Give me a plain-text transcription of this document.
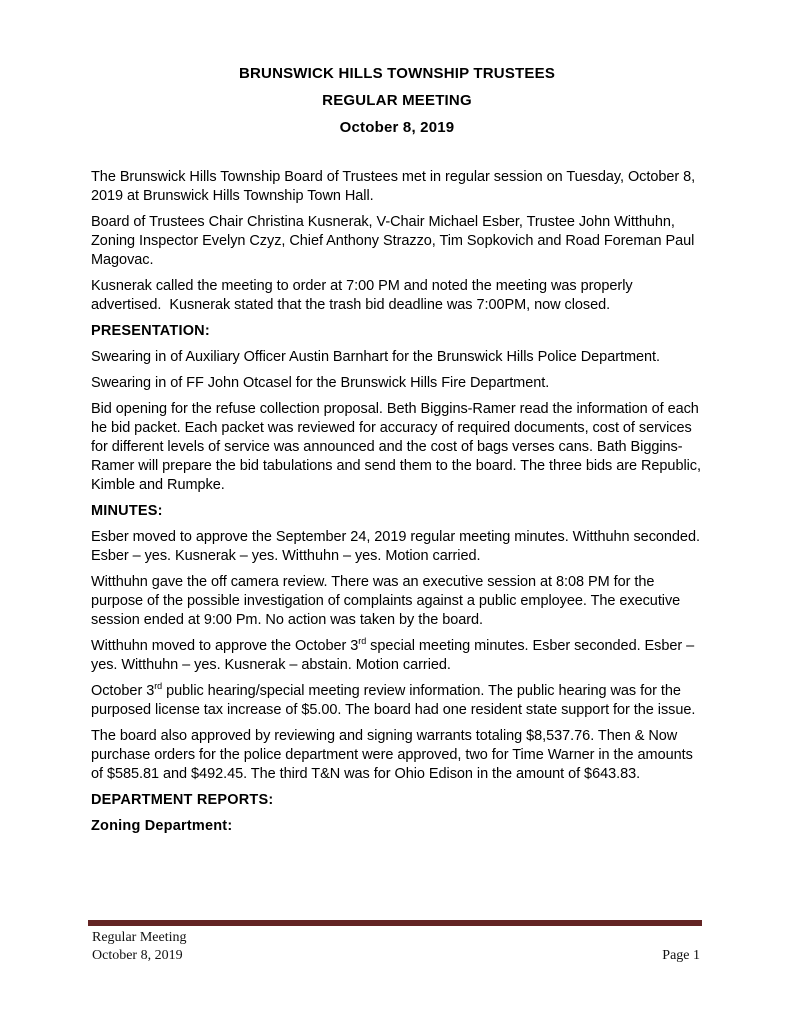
BRUNSWICK HILLS TOWNSHIP TRUSTEES
REGULAR MEETING
October 8, 2019

The Brunswick Hills Township Board of Trustees met in regular session on Tuesday, October 8, 2019 at Brunswick Hills Township Town Hall.

Board of Trustees Chair Christina Kusnerak, V-Chair Michael Esber, Trustee John Witthuhn, Zoning Inspector Evelyn Czyz, Chief Anthony Strazzo, Tim Sopkovich and Road Foreman Paul Magovac.

Kusnerak called the meeting to order at 7:00 PM and noted the meeting was properly advertised.  Kusnerak stated that the trash bid deadline was 7:00PM, now closed.

PRESENTATION:

Swearing in of Auxiliary Officer Austin Barnhart for the Brunswick Hills Police Department.

Swearing in of FF John Otcasel for the Brunswick Hills Fire Department.

Bid opening for the refuse collection proposal. Beth Biggins-Ramer read the information of each he bid packet. Each packet was reviewed for accuracy of required documents, cost of services for different levels of service was announced and the cost of bags verses cans. Bath Biggins-Ramer will prepare the bid tabulations and send them to the board. The three bids are Republic, Kimble and Rumpke.

MINUTES:

Esber moved to approve the September 24, 2019 regular meeting minutes. Witthuhn seconded. Esber – yes. Kusnerak – yes. Witthuhn – yes. Motion carried.

Witthuhn gave the off camera review. There was an executive session at 8:08 PM for the purpose of the possible investigation of complaints against a public employee. The executive session ended at 9:00 Pm. No action was taken by the board.

Witthuhn moved to approve the October 3rd special meeting minutes. Esber seconded. Esber – yes. Witthuhn – yes. Kusnerak – abstain. Motion carried.

October 3rd public hearing/special meeting review information. The public hearing was for the purposed license tax increase of $5.00. The board had one resident state support for the issue.

The board also approved by reviewing and signing warrants totaling $8,537.76. Then & Now purchase orders for the police department were approved, two for Time Warner in the amounts of $585.81 and $492.45. The third T&N was for Ohio Edison in the amount of $643.83.

DEPARTMENT REPORTS:

Zoning Department:

Regular Meeting
October 8, 2019	Page 1
